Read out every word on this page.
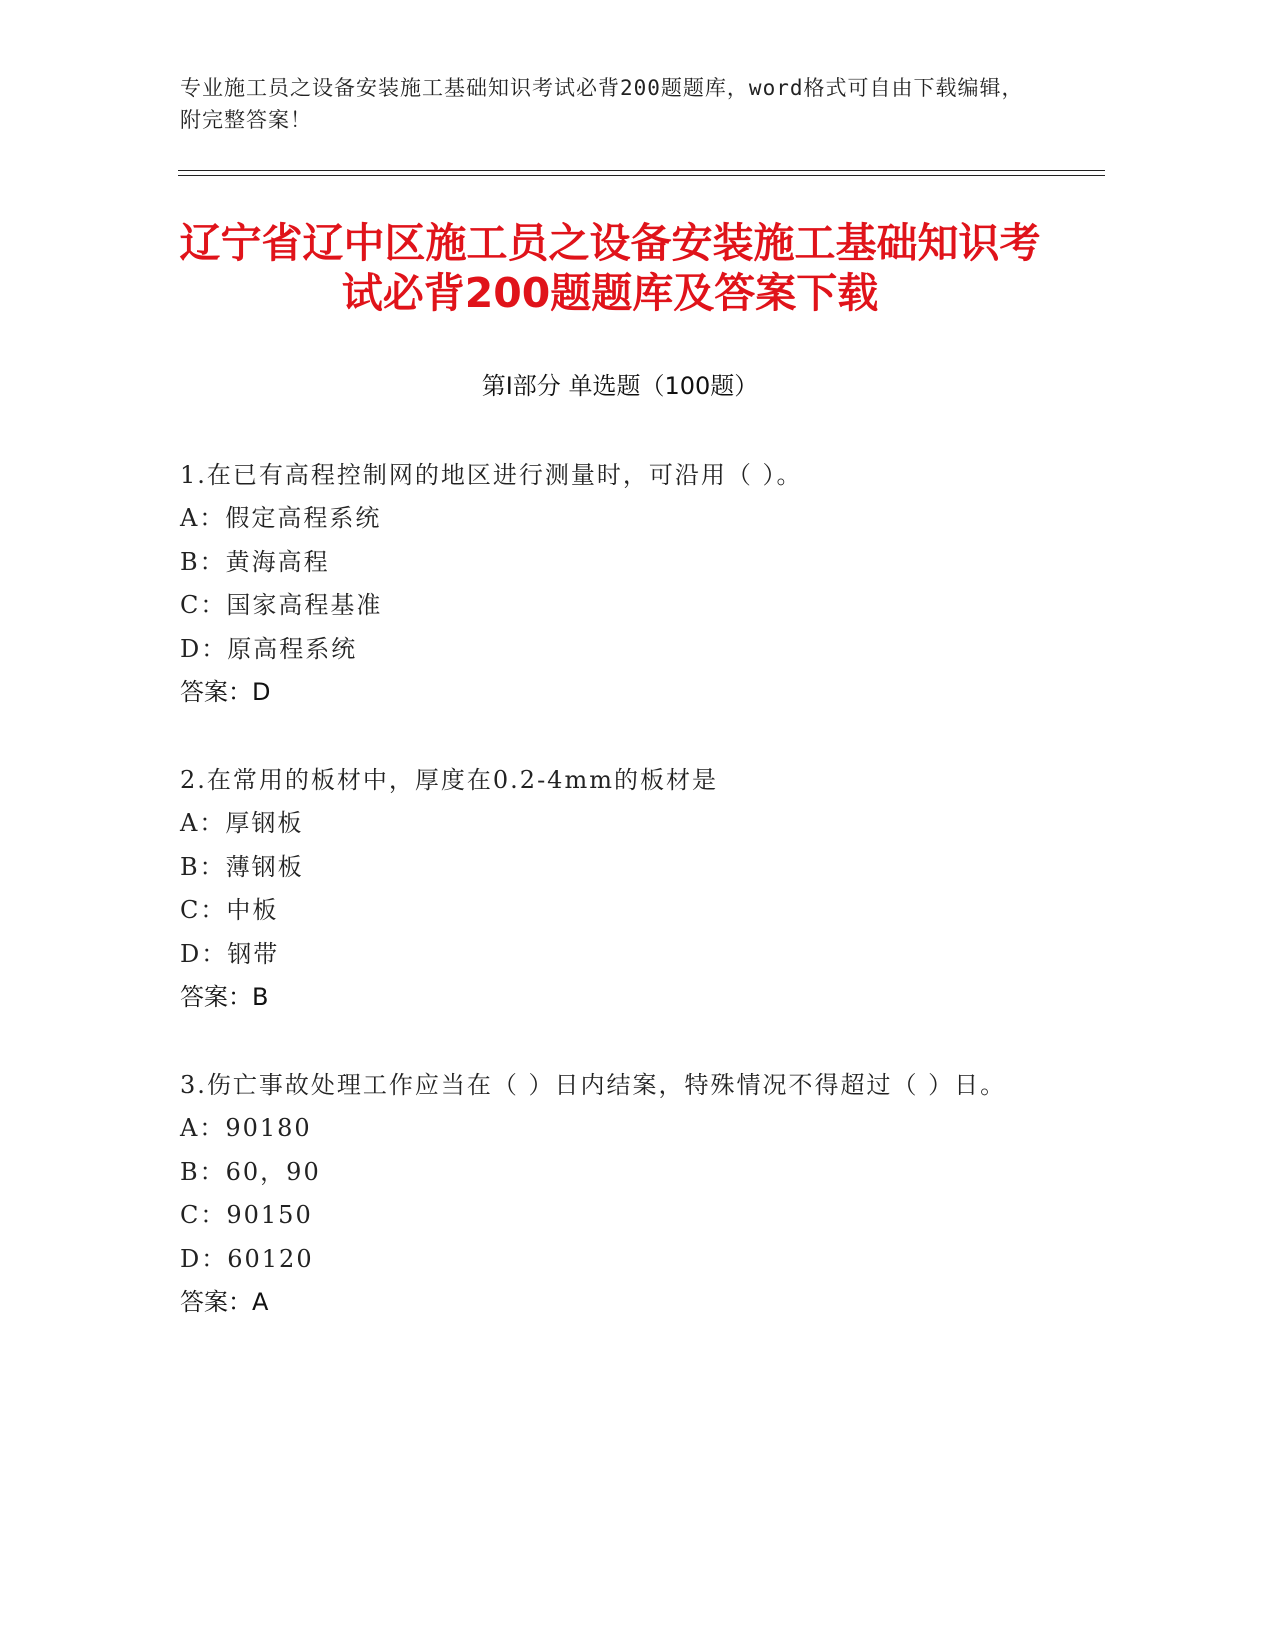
专业施工员之设备安装施工基础知识考试必背200题题库，word格式可自由下载编辑，附完整答案！
辽宁省辽中区施工员之设备安装施工基础知识考试必背200题题库及答案下载
第Ⅰ部分 单选题（100题）
1.在已有高程控制网的地区进行测量时，可沿用（ ）。
A：假定高程系统
B：黄海高程
C：国家高程基准
D：原高程系统
答案：D
2.在常用的板材中，厚度在0.2-4mm的板材是
A：厚钢板
B：薄钢板
C：中板
D：钢带
答案：B
3.伤亡事故处理工作应当在（ ）日内结案，特殊情况不得超过（ ）日。
A：90180
B：60，90
C：90150
D：60120
答案：A
